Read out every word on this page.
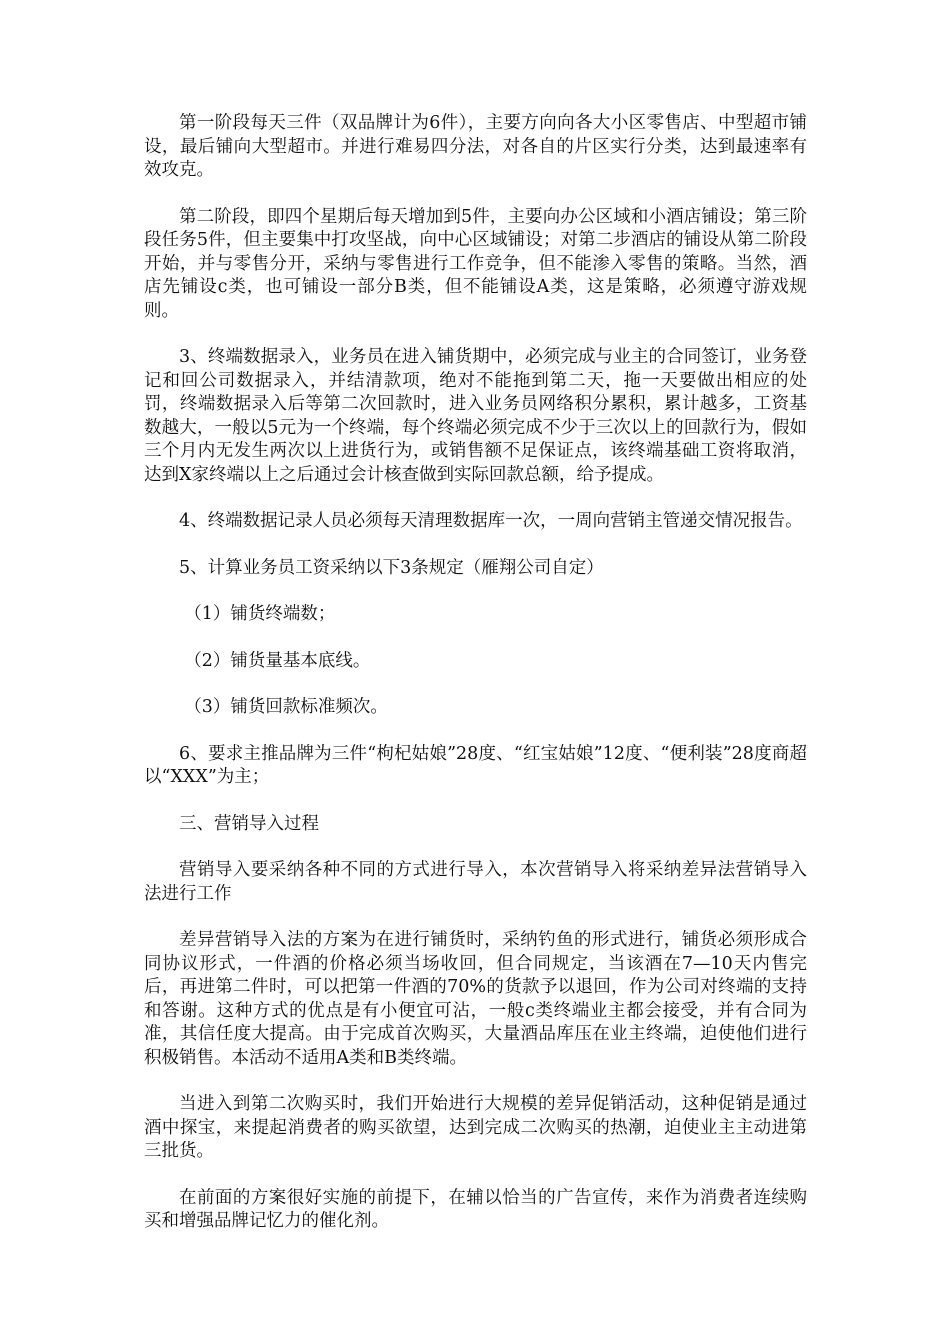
第一阶段每天三件（双品牌计为6件），主要方向向各大小区零售店、中型超市铺设，最后铺向大型超市。并进行难易四分法，对各自的片区实行分类，达到最速率有效攻克。

第二阶段，即四个星期后每天增加到5件，主要向办公区域和小酒店铺设；第三阶段任务5件，但主要集中打攻坚战，向中心区域铺设；对第二步酒店的铺设从第二阶段开始，并与零售分开，采纳与零售进行工作竞争，但不能渗入零售的策略。当然，酒店先铺设c类，也可铺设一部分B类，但不能铺设A类，这是策略，必须遵守游戏规则。

3、终端数据录入，业务员在进入铺货期中，必须完成与业主的合同签订，业务登记和回公司数据录入，并结清款项，绝对不能拖到第二天，拖一天要做出相应的处罚，终端数据录入后等第二次回款时，进入业务员网络积分累积，累计越多，工资基数越大，一般以5元为一个终端，每个终端必须完成不少于三次以上的回款行为，假如三个月内无发生两次以上进货行为，或销售额不足保证点，该终端基础工资将取消，达到X家终端以上之后通过会计核查做到实际回款总额，给予提成。

4、终端数据记录人员必须每天清理数据库一次，一周向营销主管递交情况报告。

5、计算业务员工资采纳以下3条规定（雁翔公司自定）

（1）铺货终端数；

（2）铺货量基本底线。

（3）铺货回款标准频次。

6、要求主推品牌为三件“枸杞姑娘”28度、“红宝姑娘”12度、“便利装”28度商超以“XXX”为主；

三、营销导入过程

营销导入要采纳各种不同的方式进行导入，本次营销导入将采纳差异法营销导入法进行工作

差异营销导入法的方案为在进行铺货时，采纳钓鱼的形式进行，铺货必须形成合同协议形式，一件酒的价格必须当场收回，但合同规定，当该酒在7—10天内售完后，再进第二件时，可以把第一件酒的70%的货款予以退回，作为公司对终端的支持和答谢。这种方式的优点是有小便宜可沾，一般c类终端业主都会接受，并有合同为准，其信任度大提高。由于完成首次购买，大量酒品库压在业主终端，迫使他们进行积极销售。本活动不适用A类和B类终端。

当进入到第二次购买时，我们开始进行大规模的差异促销活动，这种促销是通过酒中探宝，来提起消费者的购买欲望，达到完成二次购买的热潮，迫使业主主动进第三批货。

在前面的方案很好实施的前提下，在辅以恰当的广告宣传，来作为消费者连续购买和增强品牌记忆力的催化剂。
